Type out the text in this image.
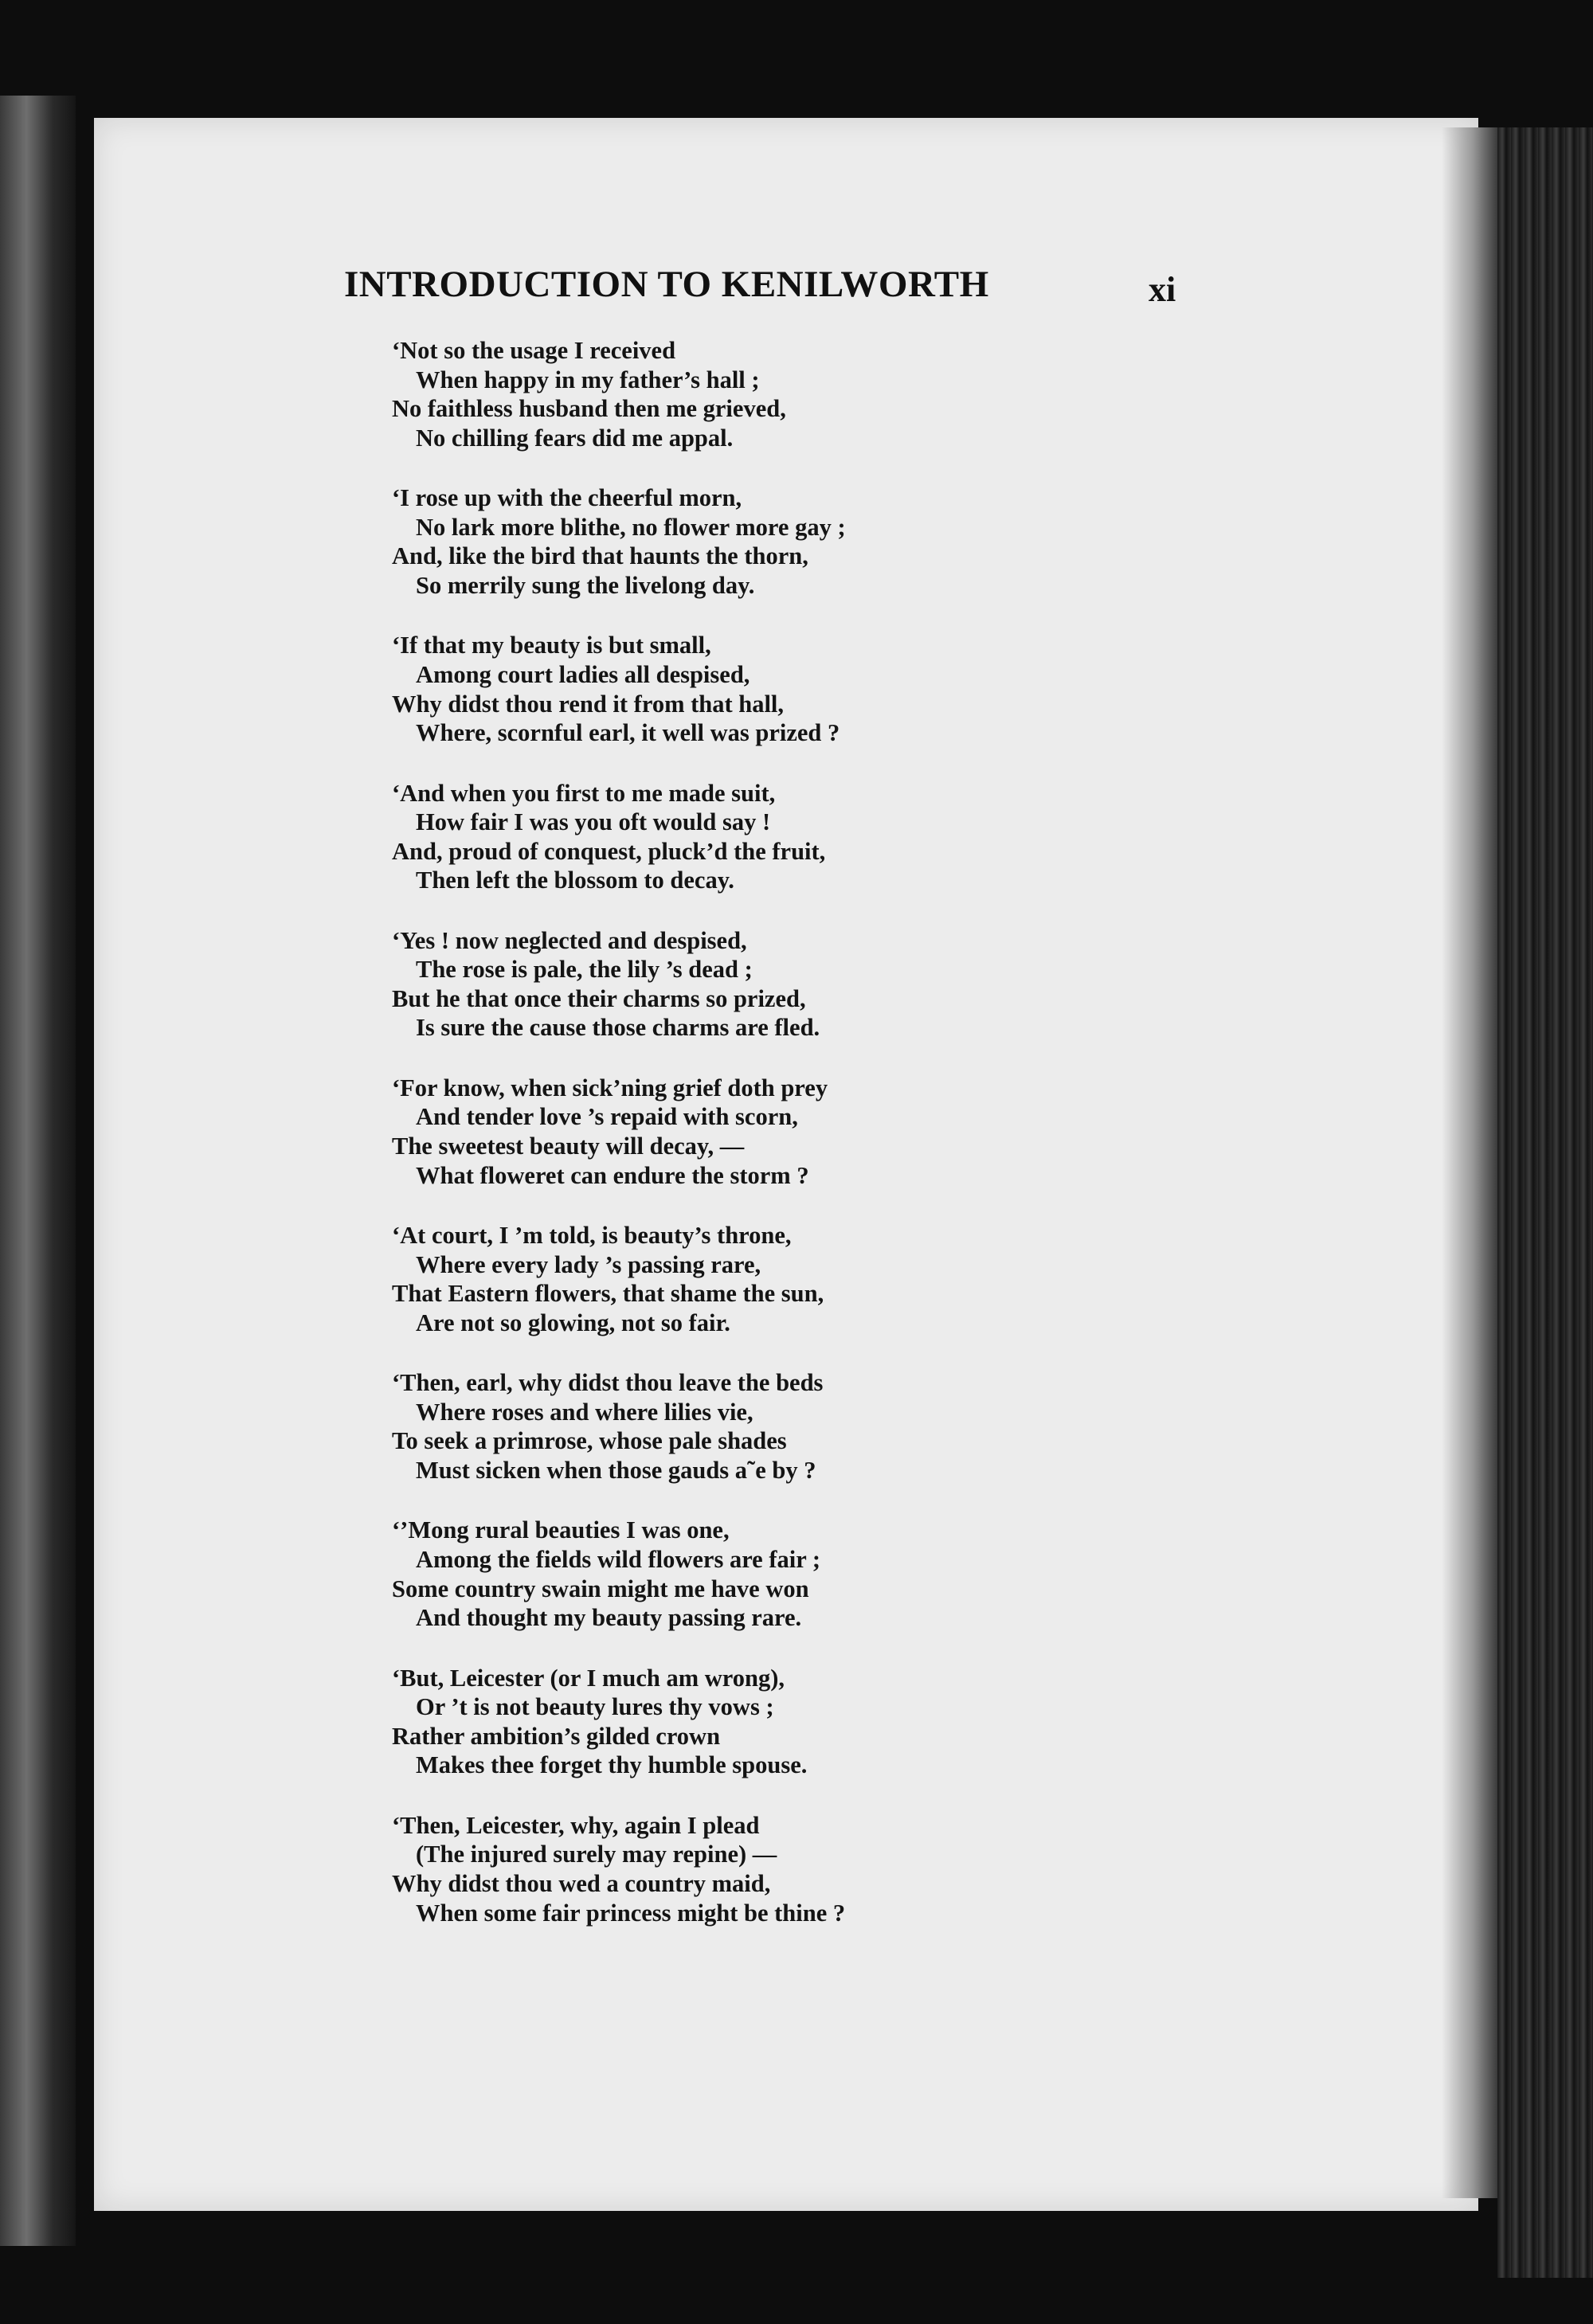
INTRODUCTION TO KENILWORTH	xi
‘Not so the usage I received
When happy in my father’s hall ;
No faithless husband then me grieved,
No chilling fears did me appal.
‘I rose up with the cheerful morn,
No lark more blithe, no flower more gay ;
And, like the bird that haunts the thorn,
So merrily sung the livelong day.
‘If that my beauty is but small,
Among court ladies all despised,
Why didst thou rend it from that hall,
Where, scornful earl, it well was prized ?
‘And when you first to me made suit,
How fair I was you oft would say !
And, proud of conquest, pluck’d the fruit,
Then left the blossom to decay.
‘Yes ! now neglected and despised,
The rose is pale, the lily ’s dead ;
But he that once their charms so prized,
Is sure the cause those charms are fled.
‘For know, when sick’ning grief doth prey
And tender love ’s repaid with scorn,
The sweetest beauty will decay, —
What floweret can endure the storm ?
‘At court, I ’m told, is beauty’s throne,
Where every lady ’s passing rare,
That Eastern flowers, that shame the sun,
Are not so glowing, not so fair.
‘Then, earl, why didst thou leave the beds
Where roses and where lilies vie,
To seek a primrose, whose pale shades
Must sicken when those gauds a˜e by ?
‘’Mong rural beauties I was one,
Among the fields wild flowers are fair ;
Some country swain might me have won
And thought my beauty passing rare.
‘But, Leicester (or I much am wrong),
Or ’t is not beauty lures thy vows ;
Rather ambition’s gilded crown
Makes thee forget thy humble spouse.
‘Then, Leicester, why, again I plead
(The injured surely may repine) —
Why didst thou wed a country maid,
When some fair princess might be thine ?
